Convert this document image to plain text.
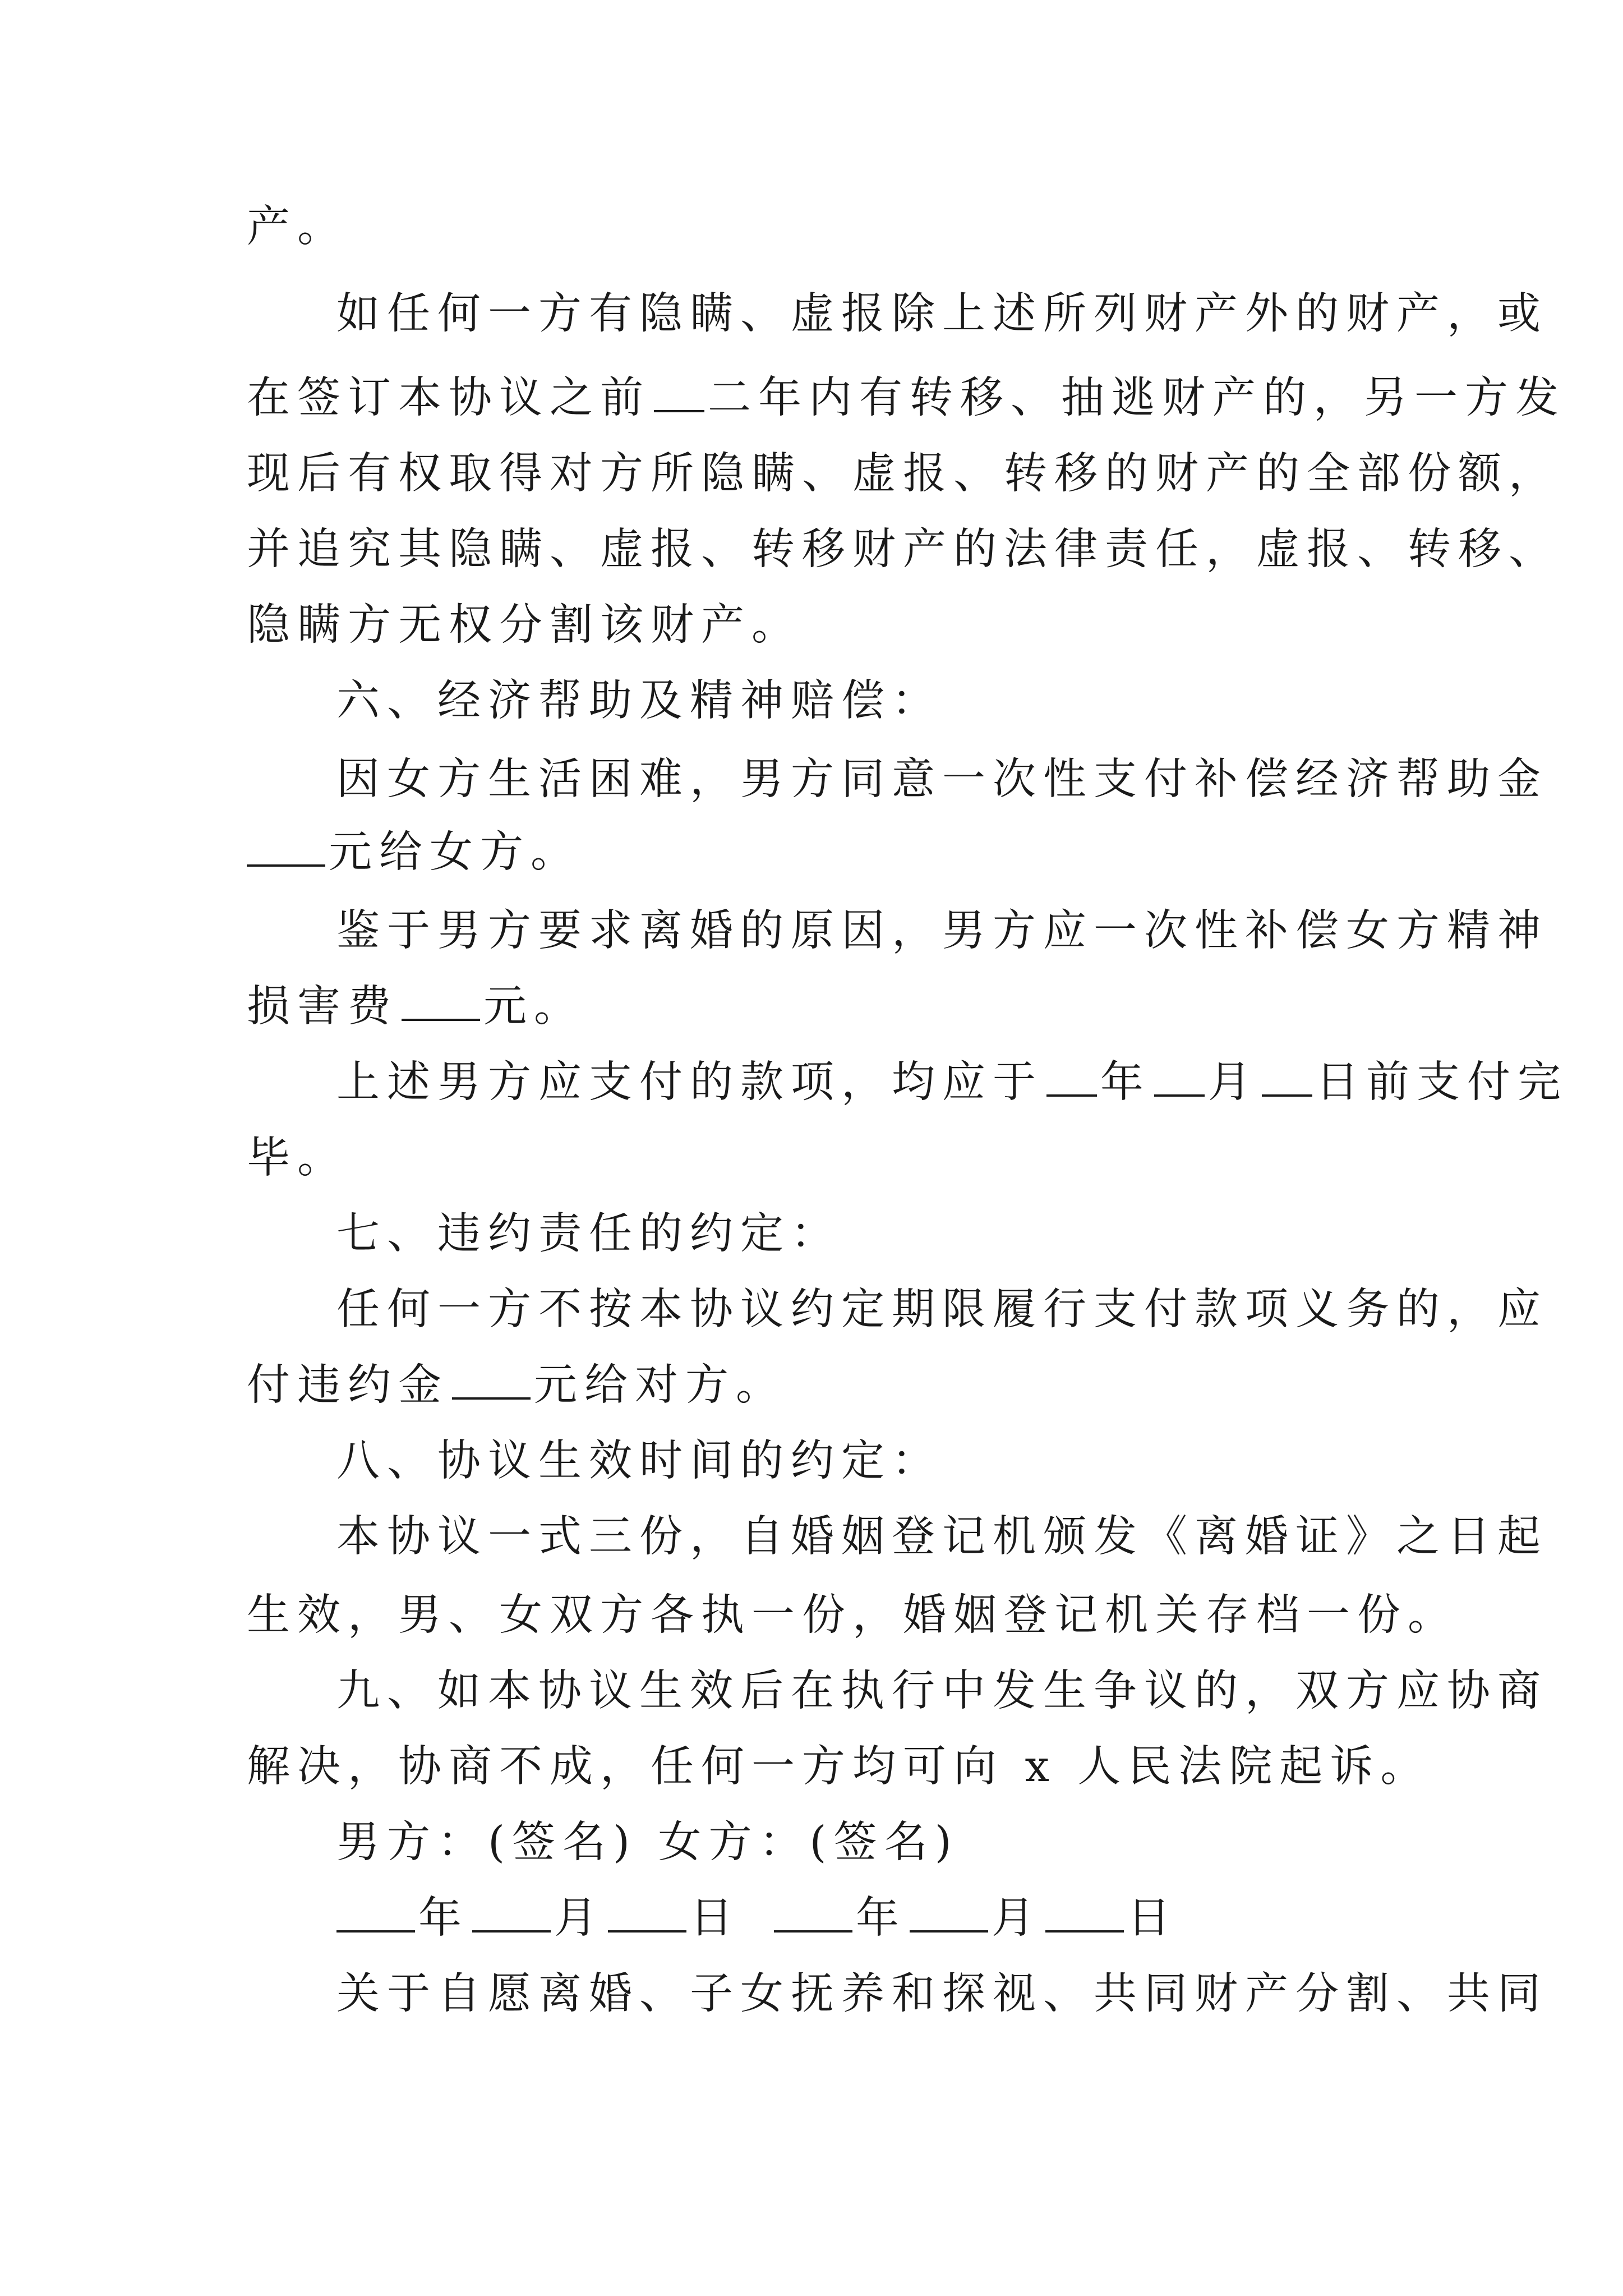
产。
如任何一方有隐瞒、虚报除上述所列财产外的财产，或
在签订本协议之前 二年内有转移、抽逃财产的，另一方发
现后有权取得对方所隐瞒、虚报、转移的财产的全部份额，
并追究其隐瞒、虚报、转移财产的法律责任，虚报、转移、
隐瞒方无权分割该财产。
六、经济帮助及精神赔偿：
因女方生活困难，男方同意一次性支付补偿经济帮助金
元给女方。
鉴于男方要求离婚的原因，男方应一次性补偿女方精神
损害费 元。
上述男方应支付的款项，均应于 年 月 日前支付完
毕。
七、违约责任的约定：
任何一方不按本协议约定期限履行支付款项义务的，应
付违约金 元给对方。
八、协议生效时间的约定：
本协议一式三份，自婚姻登记机颁发《离婚证》之日起
生效，男、女双方各执一份，婚姻登记机关存档一份。
九、如本协议生效后在执行中发生争议的，双方应协商
解决，协商不成，任何一方均可向 x 人民法院起诉。
男方：(签名) 女方：(签名)
年 月 日	年 月 日
关于自愿离婚、子女抚养和探视、共同财产分割、共同
